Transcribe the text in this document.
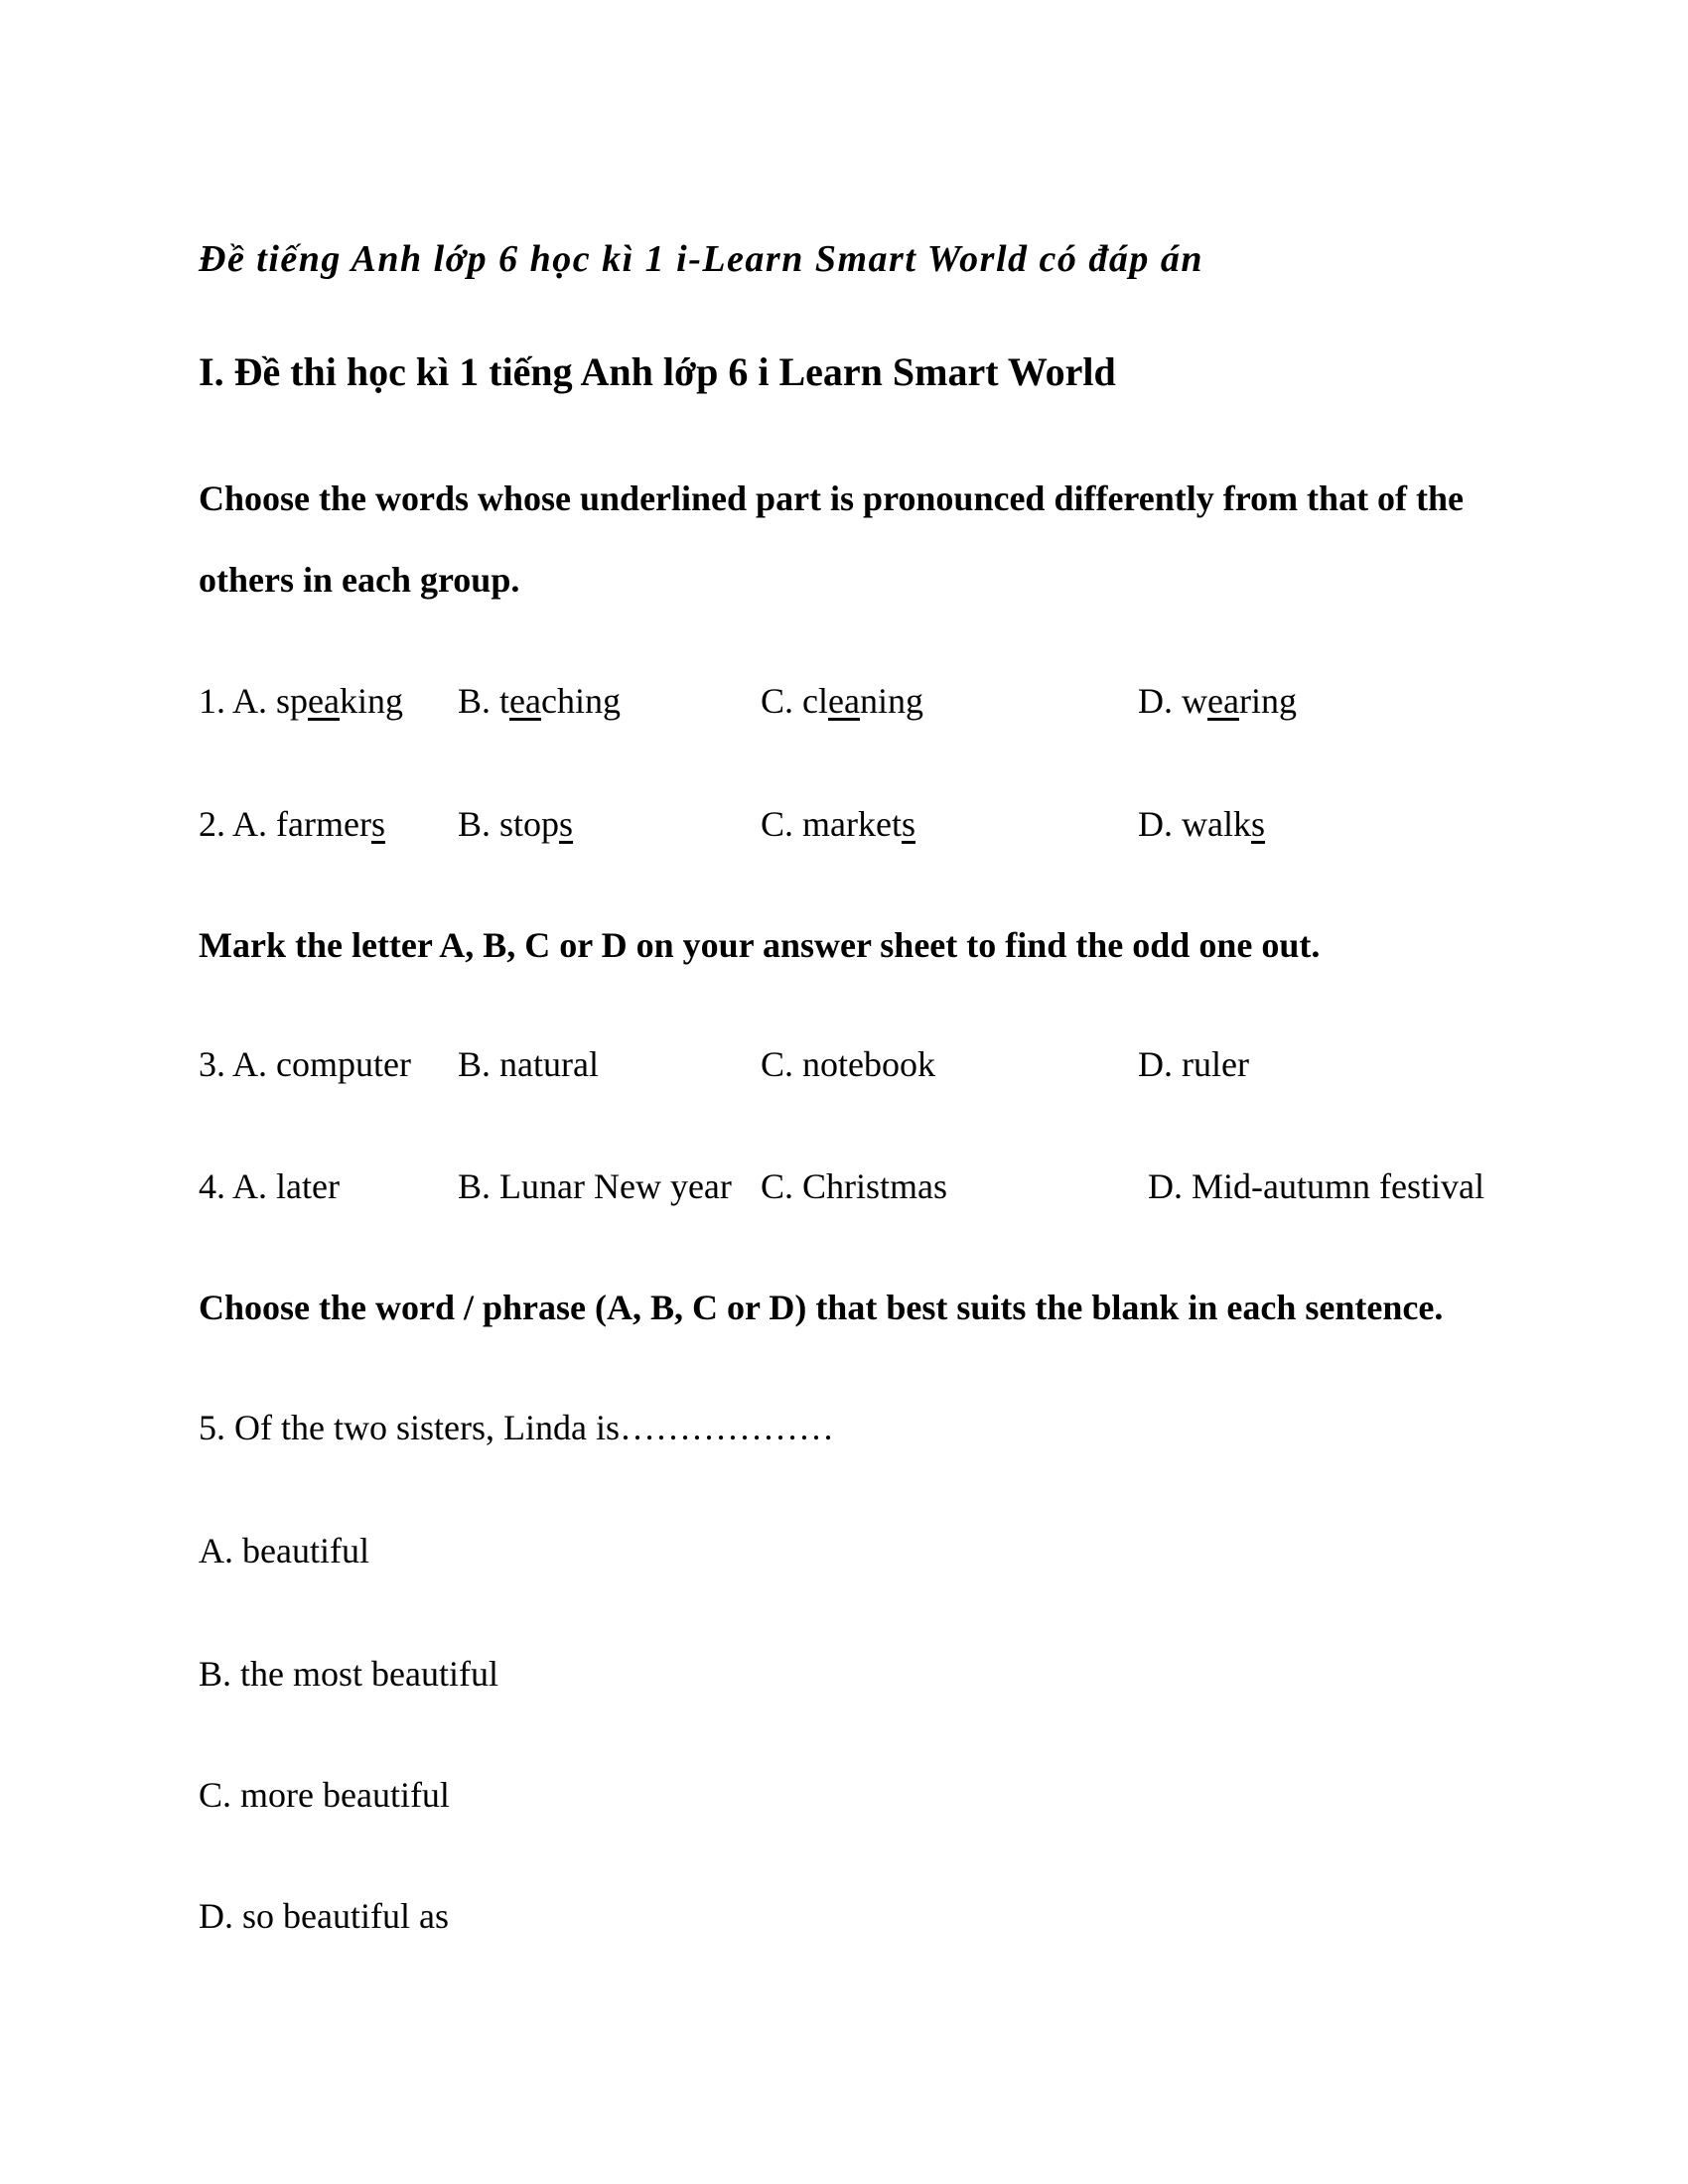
Đề tiếng Anh lớp 6 học kì 1 i-Learn Smart World có đáp án
I. Đề thi học kì 1 tiếng Anh lớp 6 i Learn Smart World
Choose the words whose underlined part is pronounced differently from that of the
others in each group.
1. A. speaking B. teaching	C. cleaning	D. wearing
2. A. farmers B. stops	C. markets	D. walks
Mark the letter A, B, C or D on your answer sheet to find the odd one out.
3. A. computer B. natural	C. notebook	D. ruler
4. A. later	B. Lunar New year C. Christmas	D. Mid-autumn festival
Choose the word / phrase (A, B, C or D) that best suits the blank in each sentence.
5. Of the two sisters, Linda is………………
A. beautiful
B. the most beautiful
C. more beautiful
D. so beautiful as
